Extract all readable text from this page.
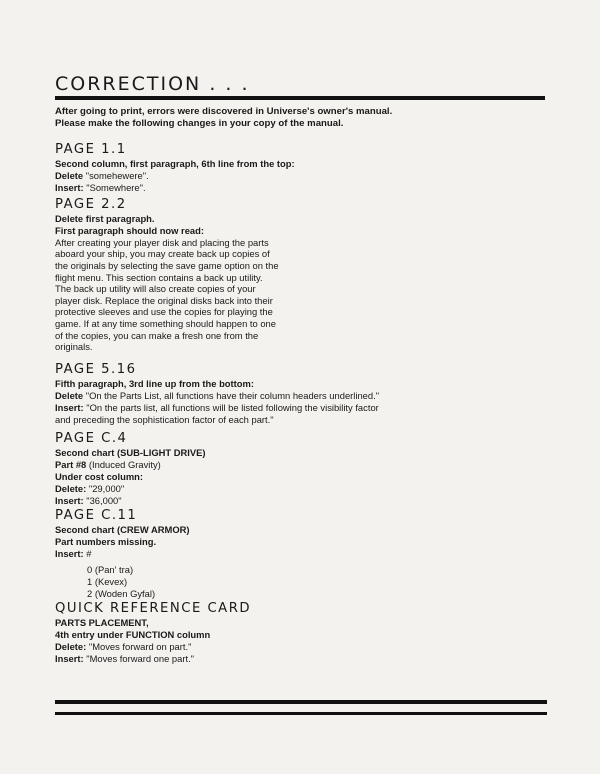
CORRECTION . . .
After going to print, errors were discovered in Universe's owner's manual.
Please make the following changes in your copy of the manual.
PAGE 1.1
Second column, first paragraph, 6th line from the top:
Delete "somehewere".
Insert: "Somewhere".
PAGE 2.2
Delete first paragraph.
First paragraph should now read:
After creating your player disk and placing the parts
aboard your ship, you may create back up copies of
the originals by selecting the save game option on the
flight menu. This section contains a back up utility.
The back up utility will also create copies of your
player disk. Replace the original disks back into their
protective sleeves and use the copies for playing the
game. If at any time something should happen to one
of the copies, you can make a fresh one from the
originals.
PAGE 5.16
Fifth paragraph, 3rd line up from the bottom:
Delete "On the Parts List, all functions have their column headers underlined."
Insert: "On the parts list, all functions will be listed following the visibility factor
and preceding the sophistication factor of each part."
PAGE C.4
Second chart (SUB-LIGHT DRIVE)
Part #8 (Induced Gravity)
Under cost column:
Delete: "29,000"
Insert: "36,000"
PAGE C.11
Second chart (CREW ARMOR)
Part numbers missing.
Insert: #
0 (Pan' tra)
1 (Kevex)
2 (Woden Gyfal)
QUICK REFERENCE CARD
PARTS PLACEMENT,
4th entry under FUNCTION column
Delete: "Moves forward on part."
Insert: "Moves forward one part."
